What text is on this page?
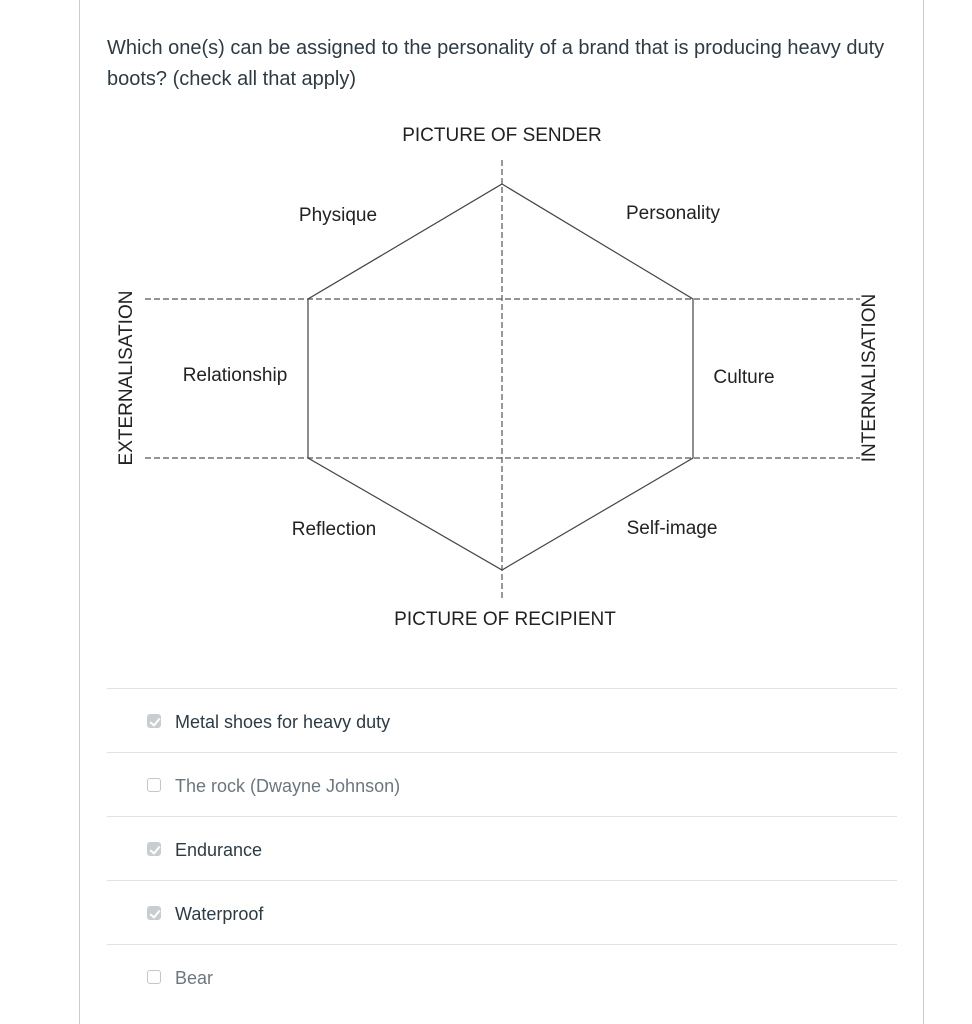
Which one(s) can be assigned to the personality of a brand that is producing heavy duty boots? (check all that apply)
PICTURE OF SENDER
PICTURE OF RECIPIENT
Physique	Personality
Relationship	Culture
Reflection	Self-image
EXTERNALISATION	INTERNALISATION
Metal shoes for heavy duty
The rock (Dwayne Johnson)
Endurance
Waterproof
Bear
